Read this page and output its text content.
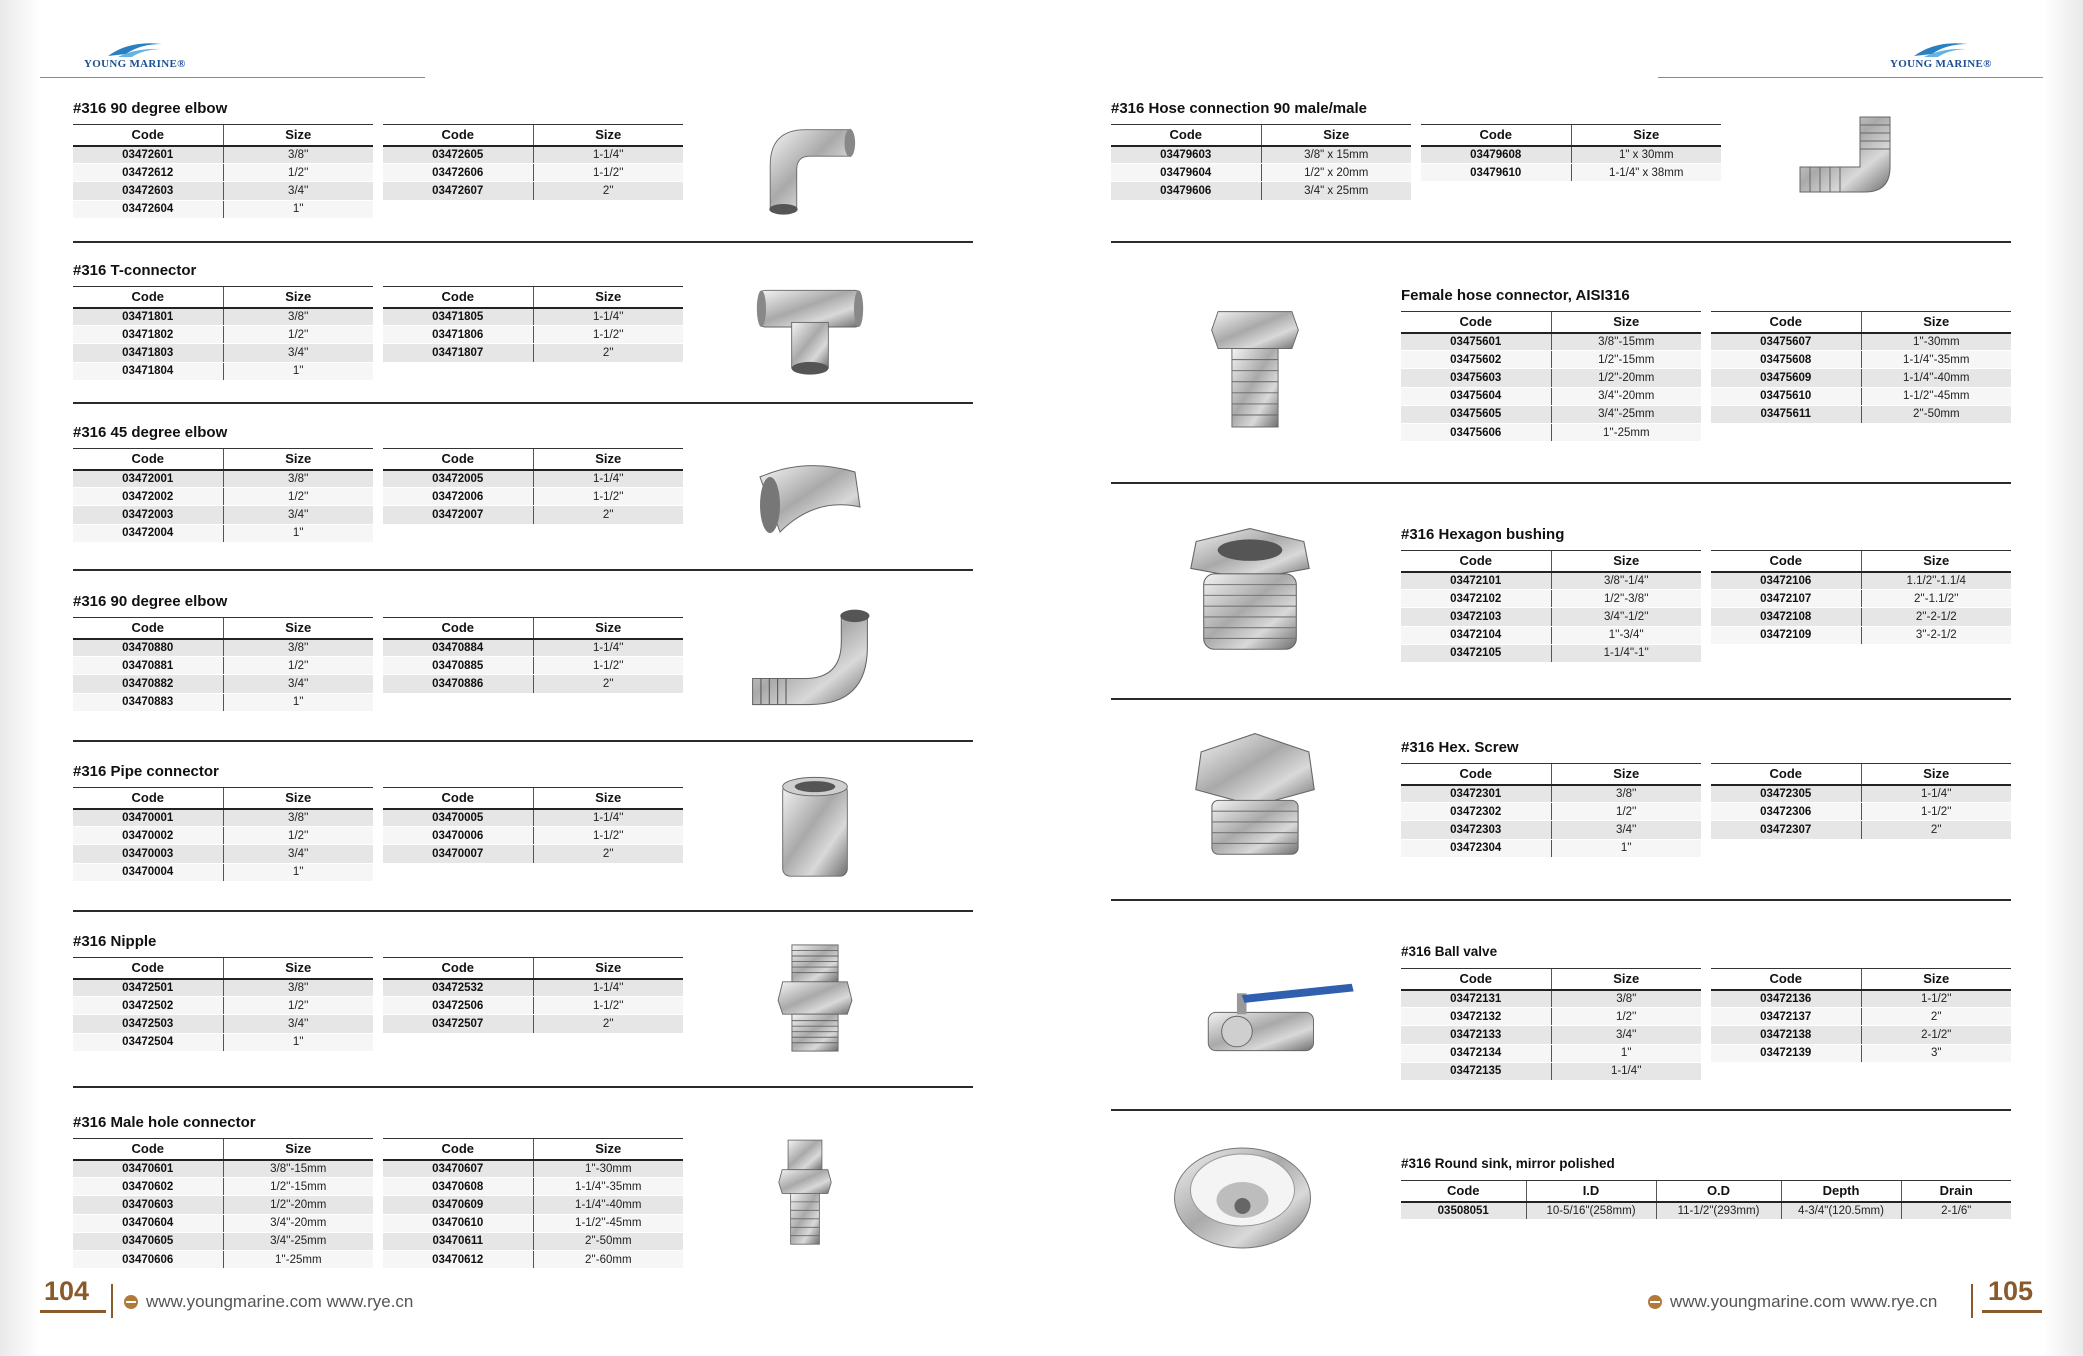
YOUNG MARINE®	YOUNG MARINE®
#316 90 degree elbow
Code	Size
03472601	3/8''
03472612	1/2''
03472603	3/4''
03472604	1''
Code	Size
03472605	1-1/4''
03472606	1-1/2''
03472607	2''
#316 T-connector
Code	Size
03471801	3/8''
03471802	1/2''
03471803	3/4''
03471804	1''
Code	Size
03471805	1-1/4''
03471806	1-1/2''
03471807	2''
#316 45 degree elbow
Code	Size
03472001	3/8''
03472002	1/2''
03472003	3/4''
03472004	1''
Code	Size
03472005	1-1/4''
03472006	1-1/2''
03472007	2''
#316 90 degree elbow
Code	Size
03470880	3/8''
03470881	1/2''
03470882	3/4''
03470883	1''
Code	Size
03470884	1-1/4''
03470885	1-1/2''
03470886	2''
#316 Pipe connector
Code	Size
03470001	3/8''
03470002	1/2''
03470003	3/4''
03470004	1''
Code	Size
03470005	1-1/4''
03470006	1-1/2''
03470007	2''
#316 Nipple
Code	Size
03472501	3/8''
03472502	1/2''
03472503	3/4''
03472504	1''
Code	Size
03472532	1-1/4''
03472506	1-1/2''
03472507	2''
#316 Male hole connector
Code	Size
03470601	3/8''-15mm
03470602	1/2''-15mm
03470603	1/2''-20mm
03470604	3/4''-20mm
03470605	3/4''-25mm
03470606	1''-25mm
Code	Size
03470607	1''-30mm
03470608	1-1/4''-35mm
03470609	1-1/4''-40mm
03470610	1-1/2''-45mm
03470611	2''-50mm
03470612	2''-60mm
#316 Hose connection 90 male/male
Code	Size
03479603	3/8" x 15mm
03479604	1/2" x 20mm
03479606	3/4" x 25mm
Code	Size
03479608	1" x 30mm
03479610	1-1/4" x 38mm
Female hose connector, AISI316
Code	Size
03475601	3/8''-15mm
03475602	1/2''-15mm
03475603	1/2''-20mm
03475604	3/4''-20mm
03475605	3/4''-25mm
03475606	1''-25mm
Code	Size
03475607	1''-30mm
03475608	1-1/4''-35mm
03475609	1-1/4''-40mm
03475610	1-1/2''-45mm
03475611	2''-50mm
#316 Hexagon bushing
Code	Size
03472101	3/8''-1/4''
03472102	1/2''-3/8''
03472103	3/4''-1/2''
03472104	1''-3/4''
03472105	1-1/4''-1''
Code	Size
03472106	1.1/2''-1.1/4
03472107	2''-1.1/2''
03472108	2''-2-1/2
03472109	3''-2-1/2
#316 Hex. Screw
Code	Size
03472301	3/8''
03472302	1/2''
03472303	3/4''
03472304	1''
Code	Size
03472305	1-1/4''
03472306	1-1/2''
03472307	2''
#316 Ball valve
Code	Size
03472131	3/8"
03472132	1/2''
03472133	3/4''
03472134	1''
03472135	1-1/4''
Code	Size
03472136	1-1/2''
03472137	2''
03472138	2-1/2"
03472139	3"
#316 Round sink, mirror polished
Code	I.D	O.D	Depth	Drain
03508051	10-5/16"(258mm)	11-1/2"(293mm)	4-3/4"(120.5mm)	2-1/6"
104	www.youngmarine.com www.rye.cn	www.youngmarine.com www.rye.cn 105
